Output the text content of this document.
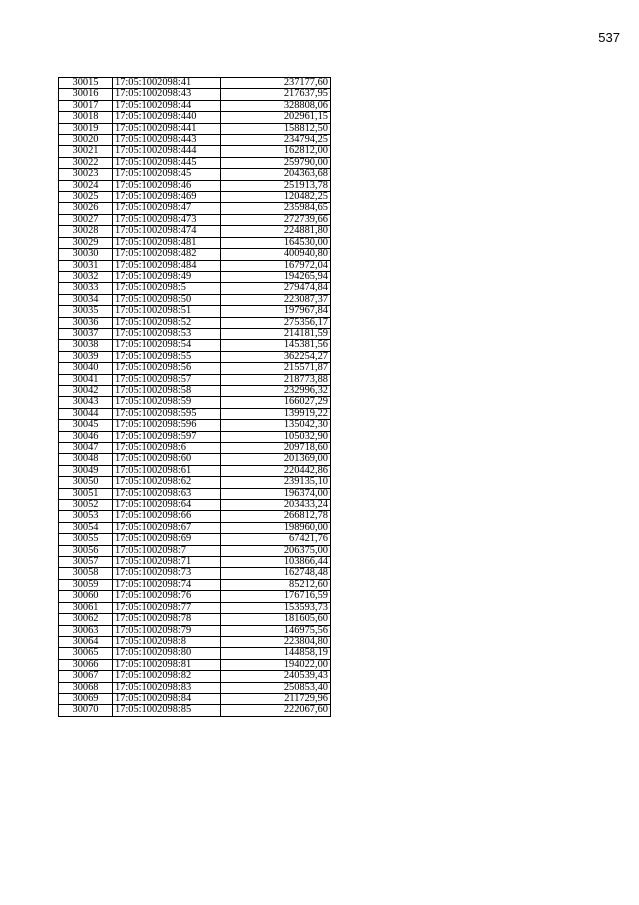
537
30015	17:05:1002098:41	237177,60
30016	17:05:1002098:43	217637,95
30017	17:05:1002098:44	328808,06
30018	17:05:1002098:440	202961,15
30019	17:05:1002098:441	158812,50
30020	17:05:1002098:443	234794,25
30021	17:05:1002098:444	162812,00
30022	17:05:1002098:445	259790,00
30023	17:05:1002098:45	204363,68
30024	17:05:1002098:46	251913,78
30025	17:05:1002098:469	120482,25
30026	17:05:1002098:47	235984,65
30027	17:05:1002098:473	272739,66
30028	17:05:1002098:474	224881,80
30029	17:05:1002098:481	164530,00
30030	17:05:1002098:482	400940,80
30031	17:05:1002098:484	167972,04
30032	17:05:1002098:49	194265,94
30033	17:05:1002098:5	279474,84
30034	17:05:1002098:50	223087,37
30035	17:05:1002098:51	197967,84
30036	17:05:1002098:52	275356,17
30037	17:05:1002098:53	214181,59
30038	17:05:1002098:54	145381,56
30039	17:05:1002098:55	362254,27
30040	17:05:1002098:56	215571,87
30041	17:05:1002098:57	218773,88
30042	17:05:1002098:58	232996,32
30043	17:05:1002098:59	166027,29
30044	17:05:1002098:595	139919,22
30045	17:05:1002098:596	135042,30
30046	17:05:1002098:597	105032,90
30047	17:05:1002098:6	209718,60
30048	17:05:1002098:60	201369,00
30049	17:05:1002098:61	220442,86
30050	17:05:1002098:62	239135,10
30051	17:05:1002098:63	196374,00
30052	17:05:1002098:64	203433,24
30053	17:05:1002098:66	266812,78
30054	17:05:1002098:67	198960,00
30055	17:05:1002098:69	67421,76
30056	17:05:1002098:7	206375,00
30057	17:05:1002098:71	103866,44
30058	17:05:1002098:73	162748,48
30059	17:05:1002098:74	85212,60
30060	17:05:1002098:76	176716,59
30061	17:05:1002098:77	153593,73
30062	17:05:1002098:78	181605,60
30063	17:05:1002098:79	146975,56
30064	17:05:1002098:8	223804,80
30065	17:05:1002098:80	144858,19
30066	17:05:1002098:81	194022,00
30067	17:05:1002098:82	240539,43
30068	17:05:1002098:83	250853,40
30069	17:05:1002098:84	211729,96
30070	17:05:1002098:85	222067,60
